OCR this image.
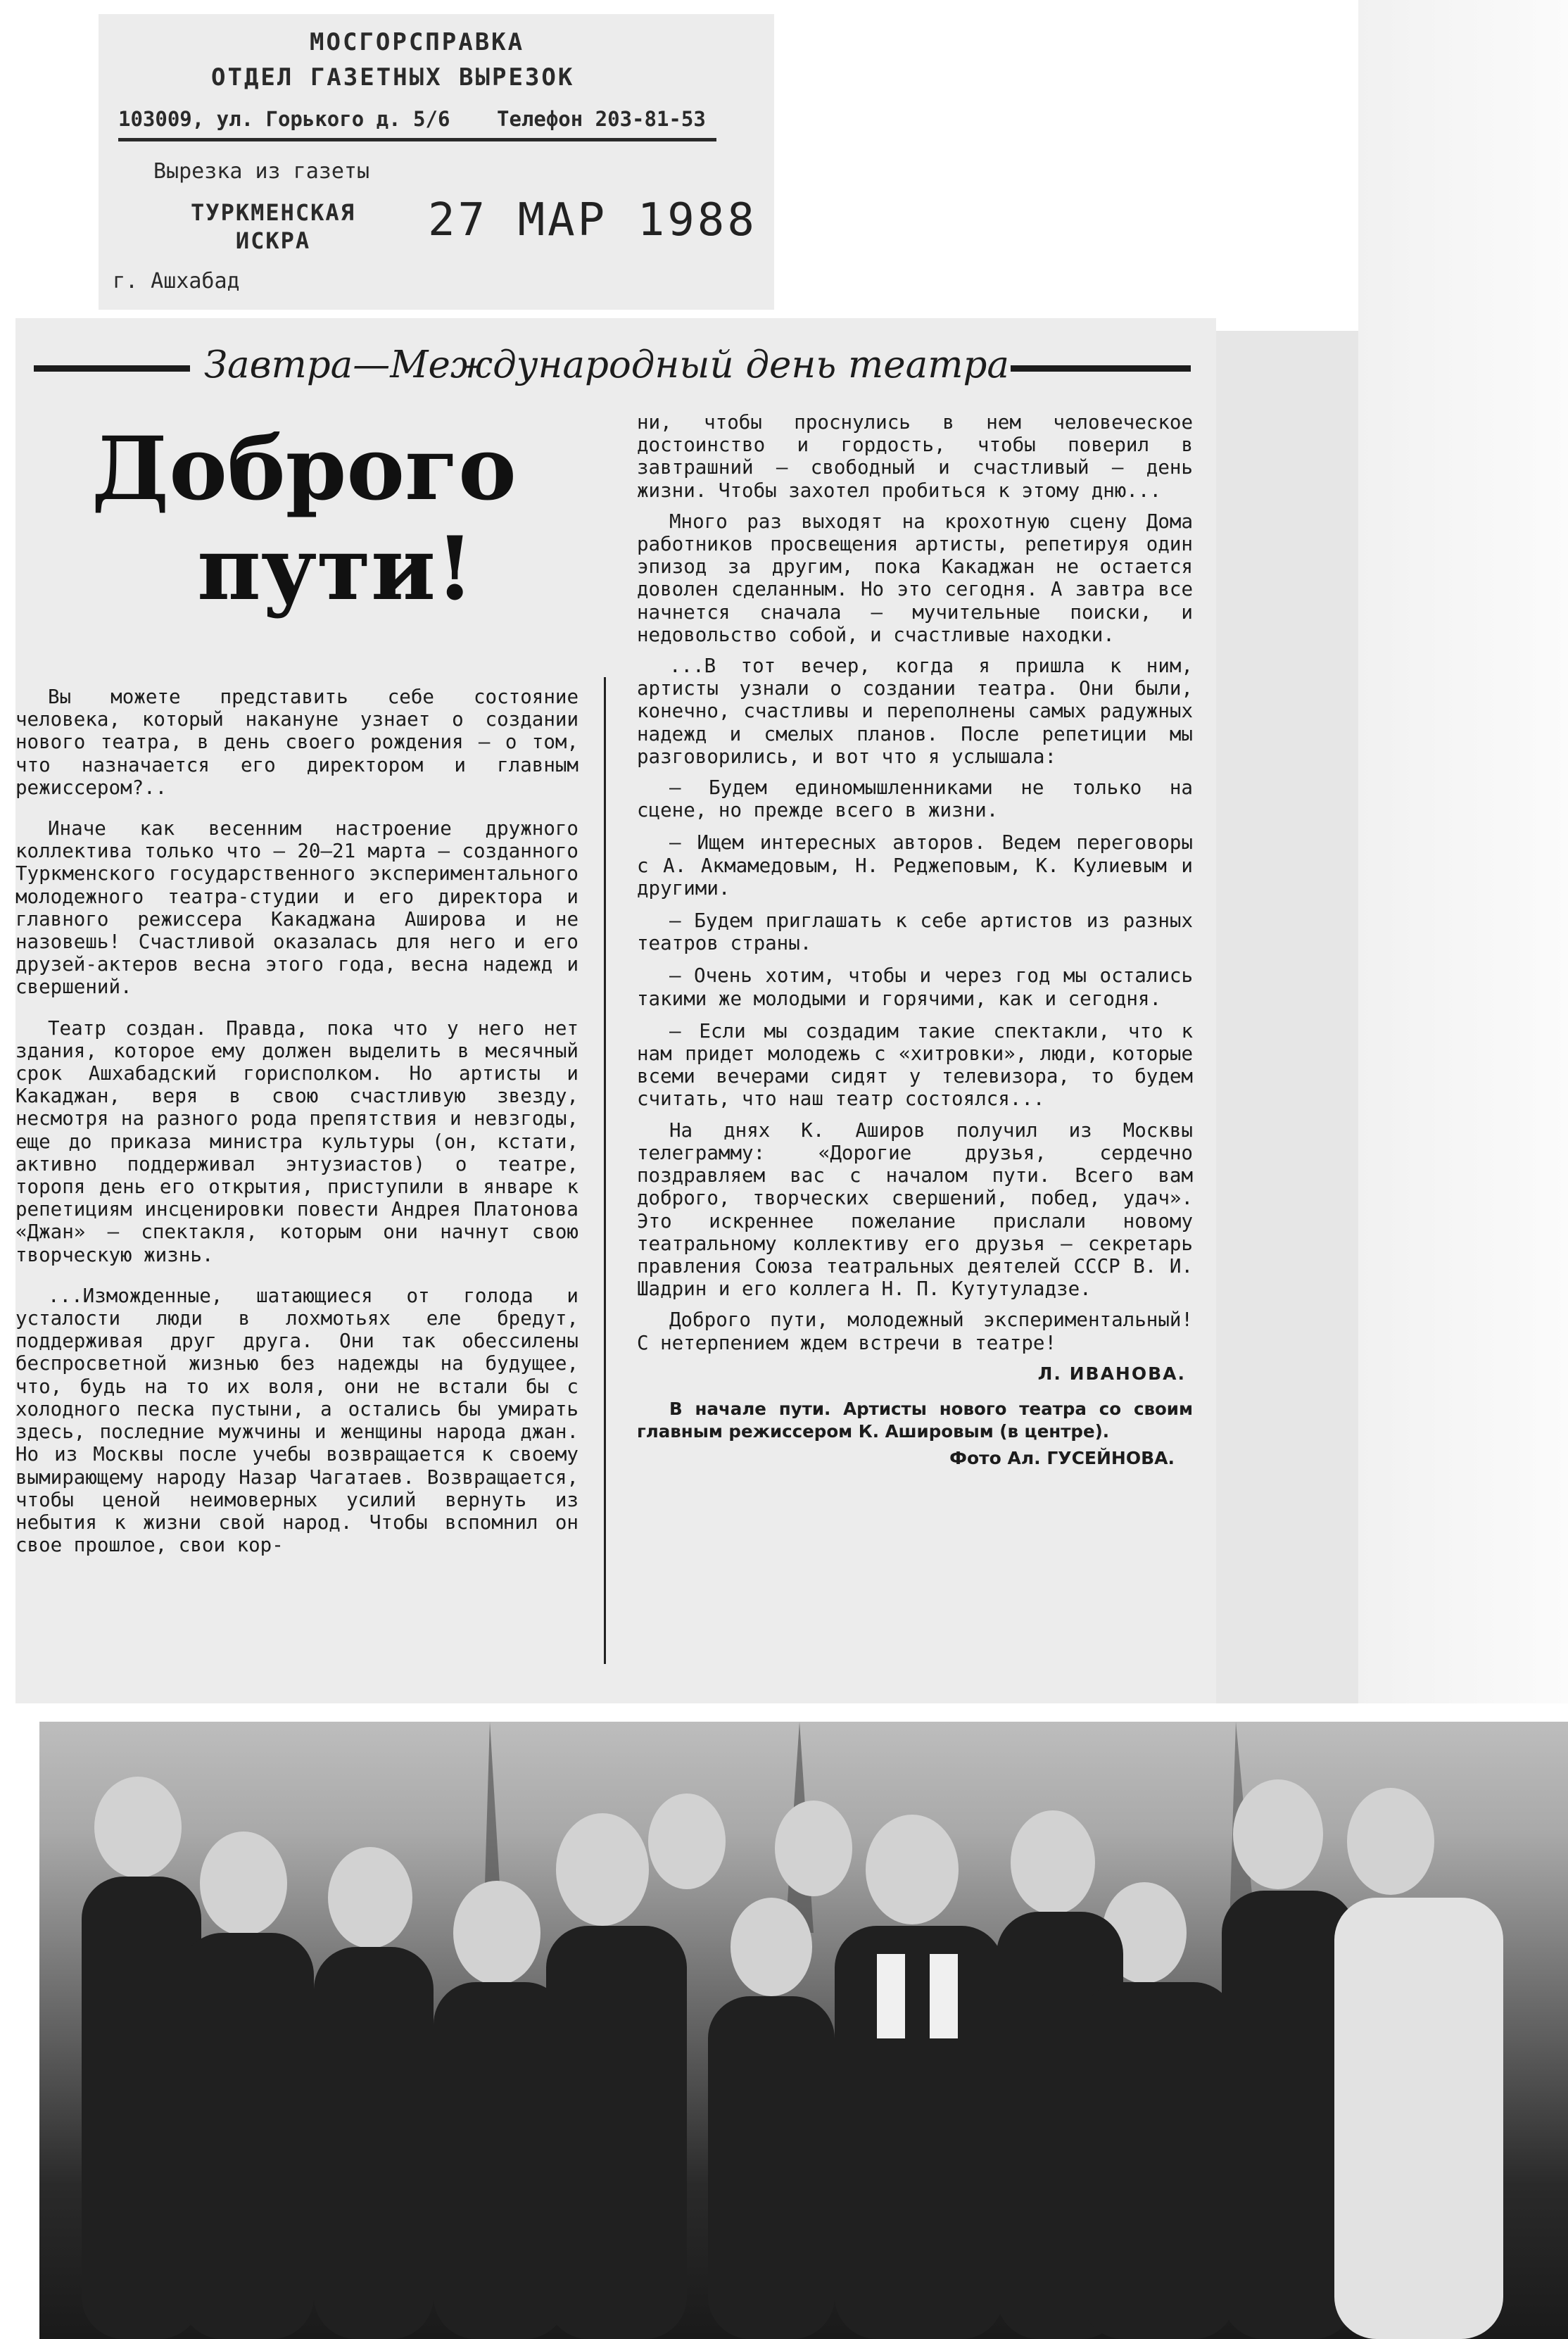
МОСГОРСПРАВКА
ОТДЕЛ ГАЗЕТНЫХ ВЫРЕЗОК
103009, ул. Горького д. 5/6 Телефон 203-81-53
Вырезка из газеты
ТУРКМЕНСКАЯ ИСКРА	27 МАР 1988
г. Ашхабад
Завтра—Международный день театра
Доброго
пути!

Вы можете представить себе состояние человека, который накануне узнает о создании нового театра, в день своего рождения — о том, что назначается его директором и главным режиссером?..

Иначе как весенним настроение дружного коллектива только что — 20—21 марта — созданного Туркменского государственного экспериментального молодежного театра-студии и его директора и главного режиссера Какаджана Аширова и не назовешь! Счастливой оказалась для него и его друзей-актеров весна этого года, весна надежд и свершений.

Театр создан. Правда, пока что у него нет здания, которое ему должен выделить в месячный срок Ашхабадский горисполком. Но артисты и Какаджан, веря в свою счастливую звезду, несмотря на разного рода препятствия и невзгоды, еще до приказа министра культуры (он, кстати, активно поддерживал энтузиастов) о театре, торопя день его открытия, приступили в январе к репетициям инсценировки повести Андрея Платонова «Джан» — спектакля, которым они начнут свою творческую жизнь.

...Изможденные, шатающиеся от голода и усталости люди в лохмотьях еле бредут, поддерживая друг друга. Они так обессилены беспросветной жизнью без надежды на будущее, что, будь на то их воля, они не встали бы с холодного песка пустыни, а остались бы умирать здесь, последние мужчины и женщины народа джан. Но из Москвы после учебы возвращается к своему вымирающему народу Назар Чагатаев. Возвращается, чтобы ценой неимоверных усилий вернуть из небытия к жизни свой народ. Чтобы вспомнил он свое прошлое, свои кор-

ни, чтобы проснулись в нем человеческое достоинство и гордость, чтобы поверил в завтрашний — свободный и счастливый — день жизни. Чтобы захотел пробиться к этому дню...

Много раз выходят на крохотную сцену Дома работников просвещения артисты, репетируя один эпизод за другим, пока Какаджан не остается доволен сделанным. Но это сегодня. А завтра все начнется сначала — мучительные поиски, и недовольство собой, и счастливые находки.

...В тот вечер, когда я пришла к ним, артисты узнали о создании театра. Они были, конечно, счастливы и переполнены самых радужных надежд и смелых планов. После репетиции мы разговорились, и вот что я услышала:

— Будем единомышленниками не только на сцене, но прежде всего в жизни.

— Ищем интересных авторов. Ведем переговоры с А. Акмамедовым, Н. Реджеповым, К. Кулиевым и другими.

— Будем приглашать к себе артистов из разных театров страны.

— Очень хотим, чтобы и через год мы остались такими же молодыми и горячими, как и сегодня.

— Если мы создадим такие спектакли, что к нам придет молодежь с «хитровки», люди, которые всеми вечерами сидят у телевизора, то будем считать, что наш театр состоялся...

На днях К. Аширов получил из Москвы телеграмму: «Дорогие друзья, сердечно поздравляем вас с началом пути. Всего вам доброго, творческих свершений, побед, удач». Это искреннее пожелание прислали новому театральному коллективу его друзья — секретарь правления Союза театральных деятелей СССР В. И. Шадрин и его коллега Н. П. Кутутуладзе.

Доброго пути, молодежный экспериментальный! С нетерпением ждем встречи в театре!

Л. ИВАНОВА.
В начале пути. Артисты нового театра со своим главным режиссером К. Ашировым (в центре).
Фото Ал. ГУСЕЙНОВА.
